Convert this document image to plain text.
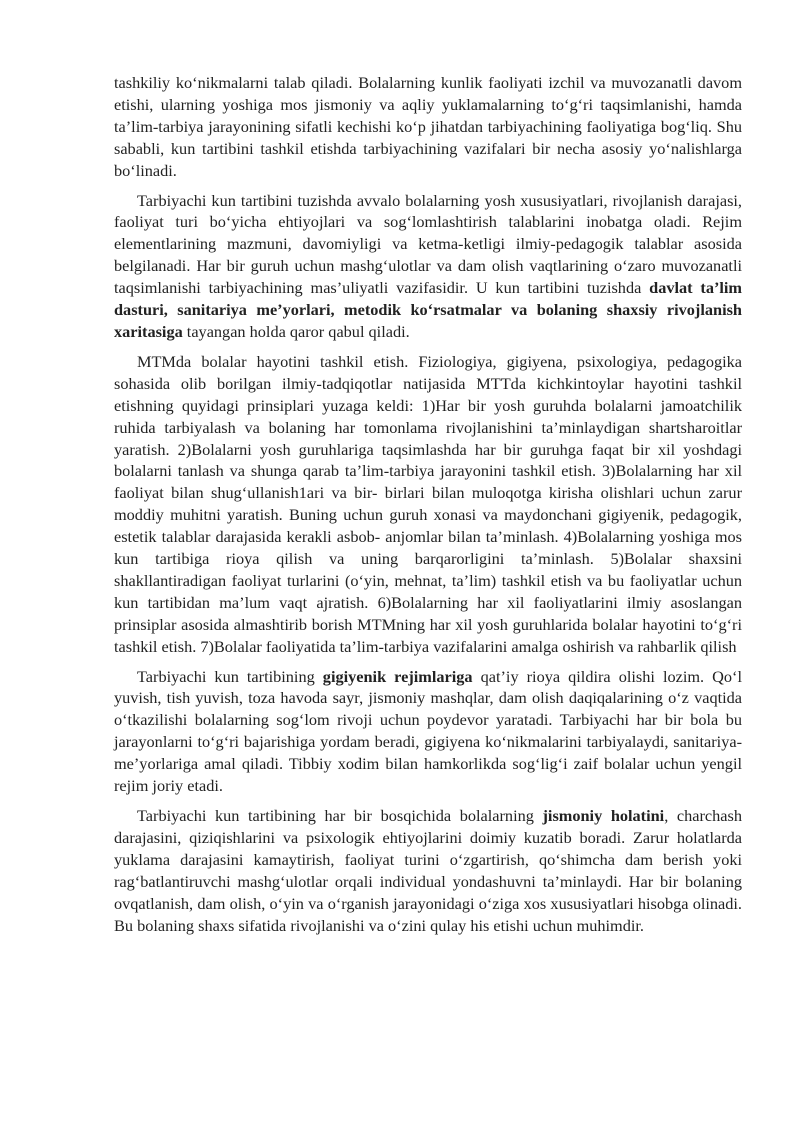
tashkiliy ko‘nikmalarni talab qiladi. Bolalarning kunlik faoliyati izchil va muvozanatli davom etishi, ularning yoshiga mos jismoniy va aqliy yuklamalarning to‘g‘ri taqsimlanishi, hamda ta’lim-tarbiya jarayonining sifatli kechishi ko‘p jihatdan tarbiyachining faoliyatiga bog‘liq. Shu sababli, kun tartibini tashkil etishda tarbiyachining vazifalari bir necha asosiy yo‘nalishlarga bo‘linadi.

Tarbiyachi kun tartibini tuzishda avvalo bolalarning yosh xususiyatlari, rivojlanish darajasi, faoliyat turi bo‘yicha ehtiyojlari va sog‘lomlashtirish talablarini inobatga oladi. Rejim elementlarining mazmuni, davomiyligi va ketma-ketligi ilmiy-pedagogik talablar asosida belgilanadi. Har bir guruh uchun mashg‘ulotlar va dam olish vaqtlarining o‘zaro muvozanatli taqsimlanishi tarbiyachining mas’uliyatli vazifasidir. U kun tartibini tuzishda davlat ta’lim dasturi, sanitariya me’yorlari, metodik ko‘rsatmalar va bolaning shaxsiy rivojlanish xaritasiga tayangan holda qaror qabul qiladi.

MTMda bolalar hayotini tashkil etish. Fiziologiya, gigiyena, psixologiya, pedagogika sohasida olib borilgan ilmiy-tadqiqotlar natijasida MTTda kichkintoylar hayotini tashkil etishning quyidagi prinsiplari yuzaga keldi: 1)Har bir yosh guruhda bolalarni jamoatchilik ruhida tarbiyalash va bolaning har tomonlama rivojlanishini ta’minlaydigan shartsharoitlar yaratish. 2)Bolalarni yosh guruhlariga taqsimlashda har bir guruhga faqat bir xil yoshdagi bolalarni tanlash va shunga qarab ta’lim-tarbiya jarayonini tashkil etish. 3)Bolalarning har xil faoliyat bilan shug‘ullanish1ari va bir- birlari bilan muloqotga kirisha olishlari uchun zarur moddiy muhitni yaratish. Buning uchun guruh xonasi va maydonchani gigiyenik, pedagogik, estetik talablar darajasida kerakli asbob- anjomlar bilan ta’minlash. 4)Bolalarning yoshiga mos kun tartibiga rioya qilish va uning barqarorligini ta’minlash. 5)Bolalar shaxsini shakllantiradigan faoliyat turlarini (o‘yin, mehnat, ta’lim) tashkil etish va bu faoliyatlar uchun kun tartibidan ma’lum vaqt ajratish. 6)Bolalarning har xil faoliyatlarini ilmiy asoslangan prinsiplar asosida almashtirib borish MTMning har xil yosh guruhlarida bolalar hayotini to‘g‘ri tashkil etish. 7)Bolalar faoliyatida ta’lim-tarbiya vazifalarini amalga oshirish va rahbarlik qilish

Tarbiyachi kun tartibining gigiyenik rejimlariga qat’iy rioya qildira olishi lozim. Qo‘l yuvish, tish yuvish, toza havoda sayr, jismoniy mashqlar, dam olish daqiqalarining o‘z vaqtida o‘tkazilishi bolalarning sog‘lom rivoji uchun poydevor yaratadi. Tarbiyachi har bir bola bu jarayonlarni to‘g‘ri bajarishiga yordam beradi, gigiyena ko‘nikmalarini tarbiyalaydi, sanitariya-me’yorlariga amal qiladi. Tibbiy xodim bilan hamkorlikda sog‘lig‘i zaif bolalar uchun yengil rejim joriy etadi.

Tarbiyachi kun tartibining har bir bosqichida bolalarning jismoniy holatini, charchash darajasini, qiziqishlarini va psixologik ehtiyojlarini doimiy kuzatib boradi. Zarur holatlarda yuklama darajasini kamaytirish, faoliyat turini o‘zgartirish, qo‘shimcha dam berish yoki rag‘batlantiruvchi mashg‘ulotlar orqali individual yondashuvni ta’minlaydi. Har bir bolaning ovqatlanish, dam olish, o‘yin va o‘rganish jarayonidagi o‘ziga xos xususiyatlari hisobga olinadi. Bu bolaning shaxs sifatida rivojlanishi va o‘zini qulay his etishi uchun muhimdir.
